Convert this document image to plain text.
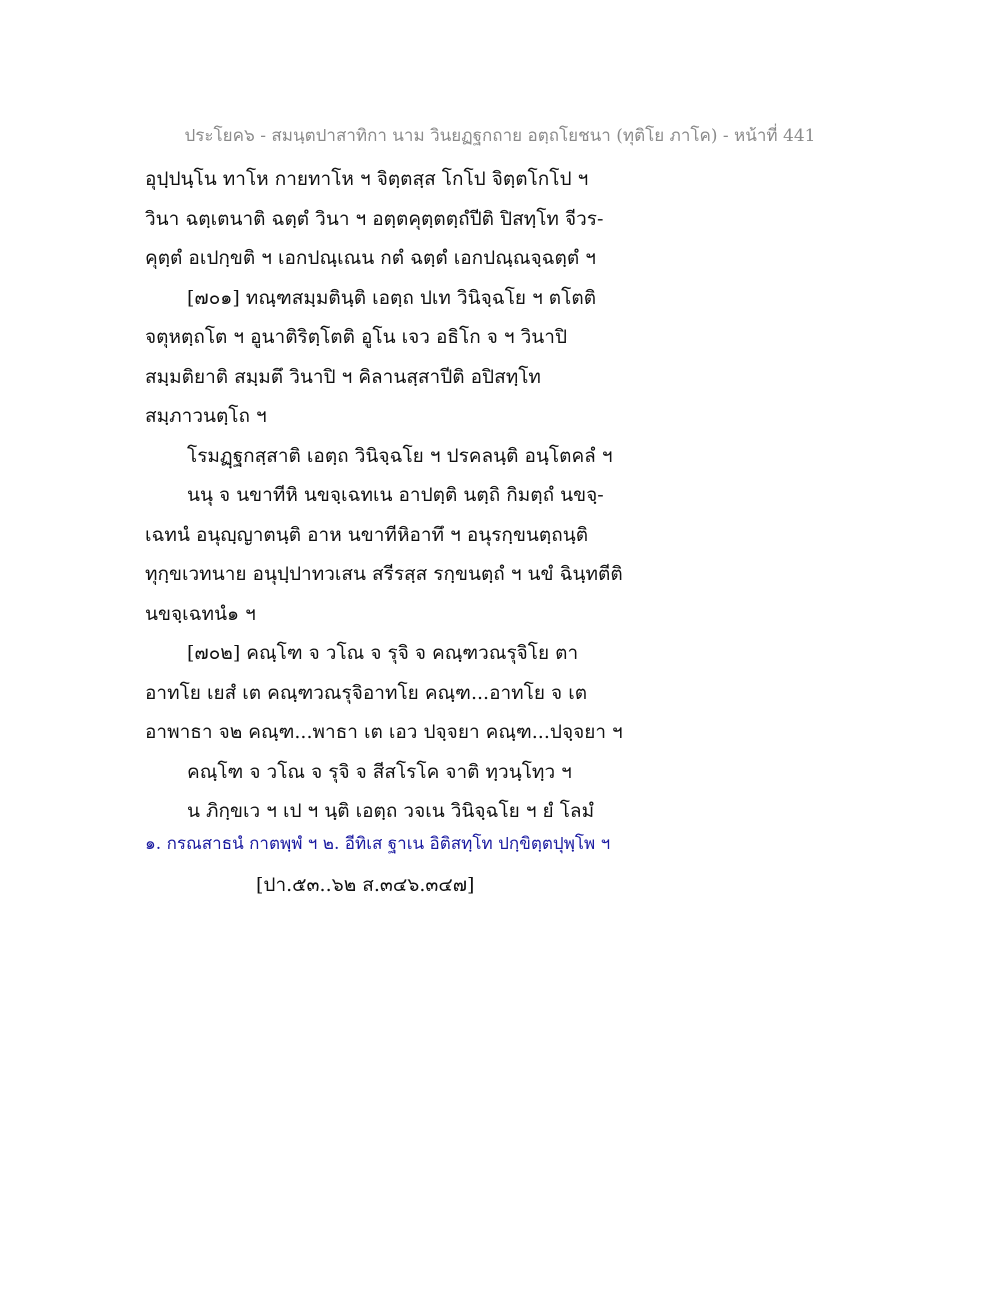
ประโยค๖ - สมนฺตปาสาทิกา นาม วินยฏฐกถาย อตฺถโยชนา (ทุติโย ภาโค) - หน้าที่ 441
อุปฺปนฺโน ทาโห กายทาโห ฯ จิตฺตสฺส โกโป จิตฺตโกโป ฯ
วินา ฉตฺเตนาติ ฉตฺตํ วินา ฯ อตฺตคุตฺตตฺถํปีติ ปิสทฺโท จีวร-
คุตฺตํ อเปกฺขติ ฯ เอกปณฺเณน กตํ ฉตฺตํ เอกปณฺณจฺฉตฺตํ ฯ
[๗๐๑] ทณฺฑสมฺมตินฺติ เอตฺถ ปเท วินิจฺฉโย ฯ ตโตติ
จตุหตฺถโต ฯ อูนาติริตฺโตติ อูโน เจว อธิโก จ ฯ วินาปิ
สมฺมติยาติ สมฺมตึ วินาปิ ฯ คิลานสฺสาปีติ อปิสทฺโท
สมฺภาวนตฺโถ ฯ
โรมฏฺฐกสฺสาติ เอตฺถ วินิจฺฉโย ฯ ปรคลนฺติ อนฺโตคลํ ฯ
นนุ จ นขาทีหิ นขจฺเฉทเน อาปตฺติ นตฺถิ กิมตฺถํ นขจฺ-
เฉทนํ อนุญฺญาตนฺติ อาห นขาทีหิอาทึ ฯ อนุรกฺขนตฺถนฺติ
ทุกฺขเวทนาย อนุปฺปาทวเสน สรีรสฺส รกฺขนตฺถํ ฯ นขํ ฉินฺทตีติ
นขจฺเฉทนํ๑ ฯ
[๗๐๒] คณฺโฑ จ วโณ จ รุจิ จ คณฺฑวณรุจิโย ตา
อาทโย เยสํ เต คณฺฑวณรุจิอาทโย คณฺฑ...อาทโย จ เต
อาพาธา จ๒ คณฺฑ...พาธา เต เอว ปจฺจยา คณฺฑ...ปจฺจยา ฯ
คณฺโฑ จ วโณ จ รุจิ จ สีสโรโค จาติ ทฺวนฺโทฺว ฯ
น ภิกฺขเว ฯ เป ฯ นฺติ เอตฺถ วจเน วินิจฺฉโย ฯ ยํ โลมํ
๑. กรณสาธนํ กาตพฺพํ ฯ ๒. อีทิเส ฐาเน อิติสทฺโท ปกฺขิตฺตปุพฺโพ ฯ
[ปา.๕๓..๖๒ ส.๓๔๖.๓๔๗]
